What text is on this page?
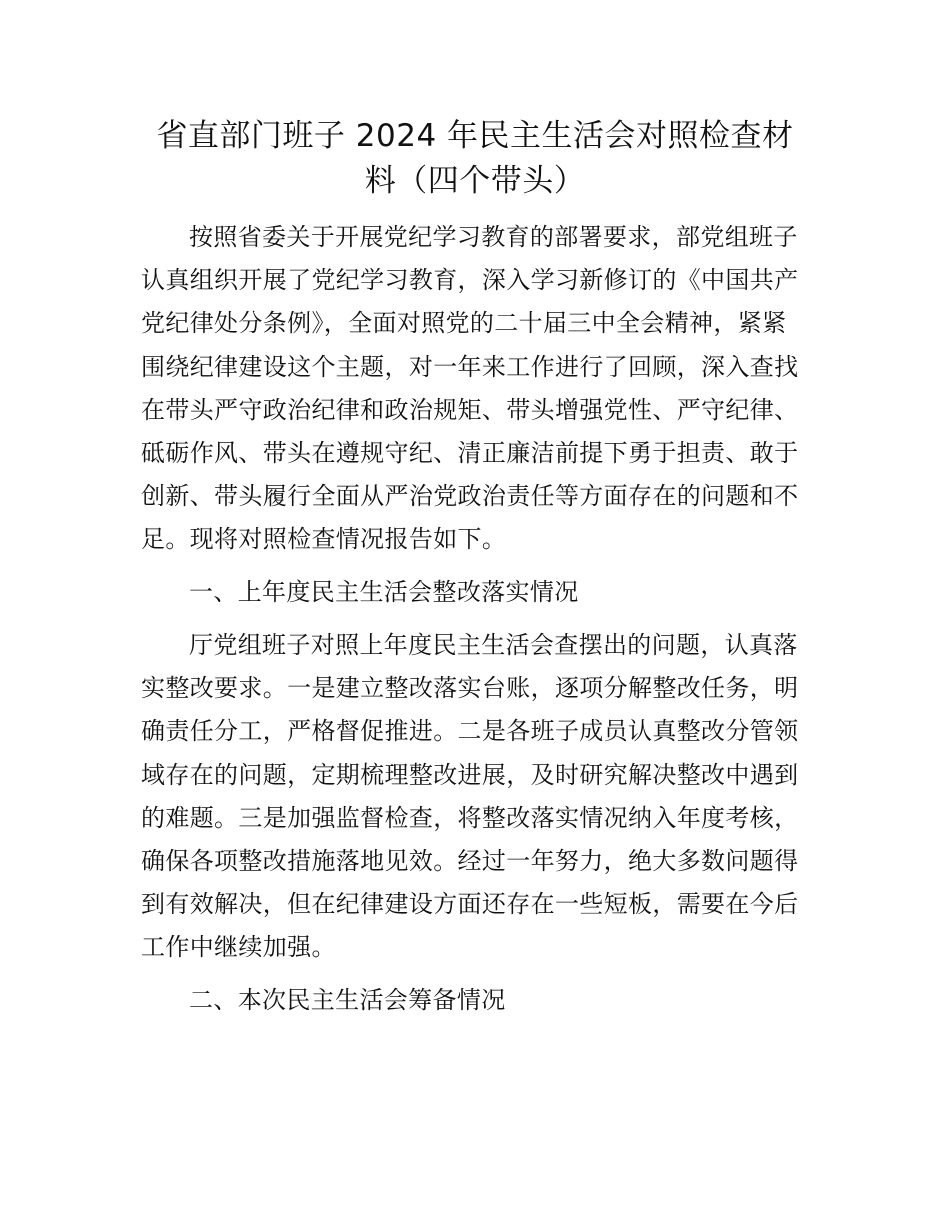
省直部门班子 2024 年民主生活会对照检查材
料（四个带头）

按照省委关于开展党纪学习教育的部署要求，部党组班子
认真组织开展了党纪学习教育，深入学习新修订的《中国共产
党纪律处分条例》，全面对照党的二十届三中全会精神，紧紧
围绕纪律建设这个主题，对一年来工作进行了回顾，深入查找
在带头严守政治纪律和政治规矩、带头增强党性、严守纪律、
砥砺作风、带头在遵规守纪、清正廉洁前提下勇于担责、敢于
创新、带头履行全面从严治党政治责任等方面存在的问题和不
足。现将对照检查情况报告如下。

一、上年度民主生活会整改落实情况

厅党组班子对照上年度民主生活会查摆出的问题，认真落
实整改要求。一是建立整改落实台账，逐项分解整改任务，明
确责任分工，严格督促推进。二是各班子成员认真整改分管领
域存在的问题，定期梳理整改进展，及时研究解决整改中遇到
的难题。三是加强监督检查，将整改落实情况纳入年度考核，
确保各项整改措施落地见效。经过一年努力，绝大多数问题得
到有效解决，但在纪律建设方面还存在一些短板，需要在今后
工作中继续加强。

二、本次民主生活会筹备情况
